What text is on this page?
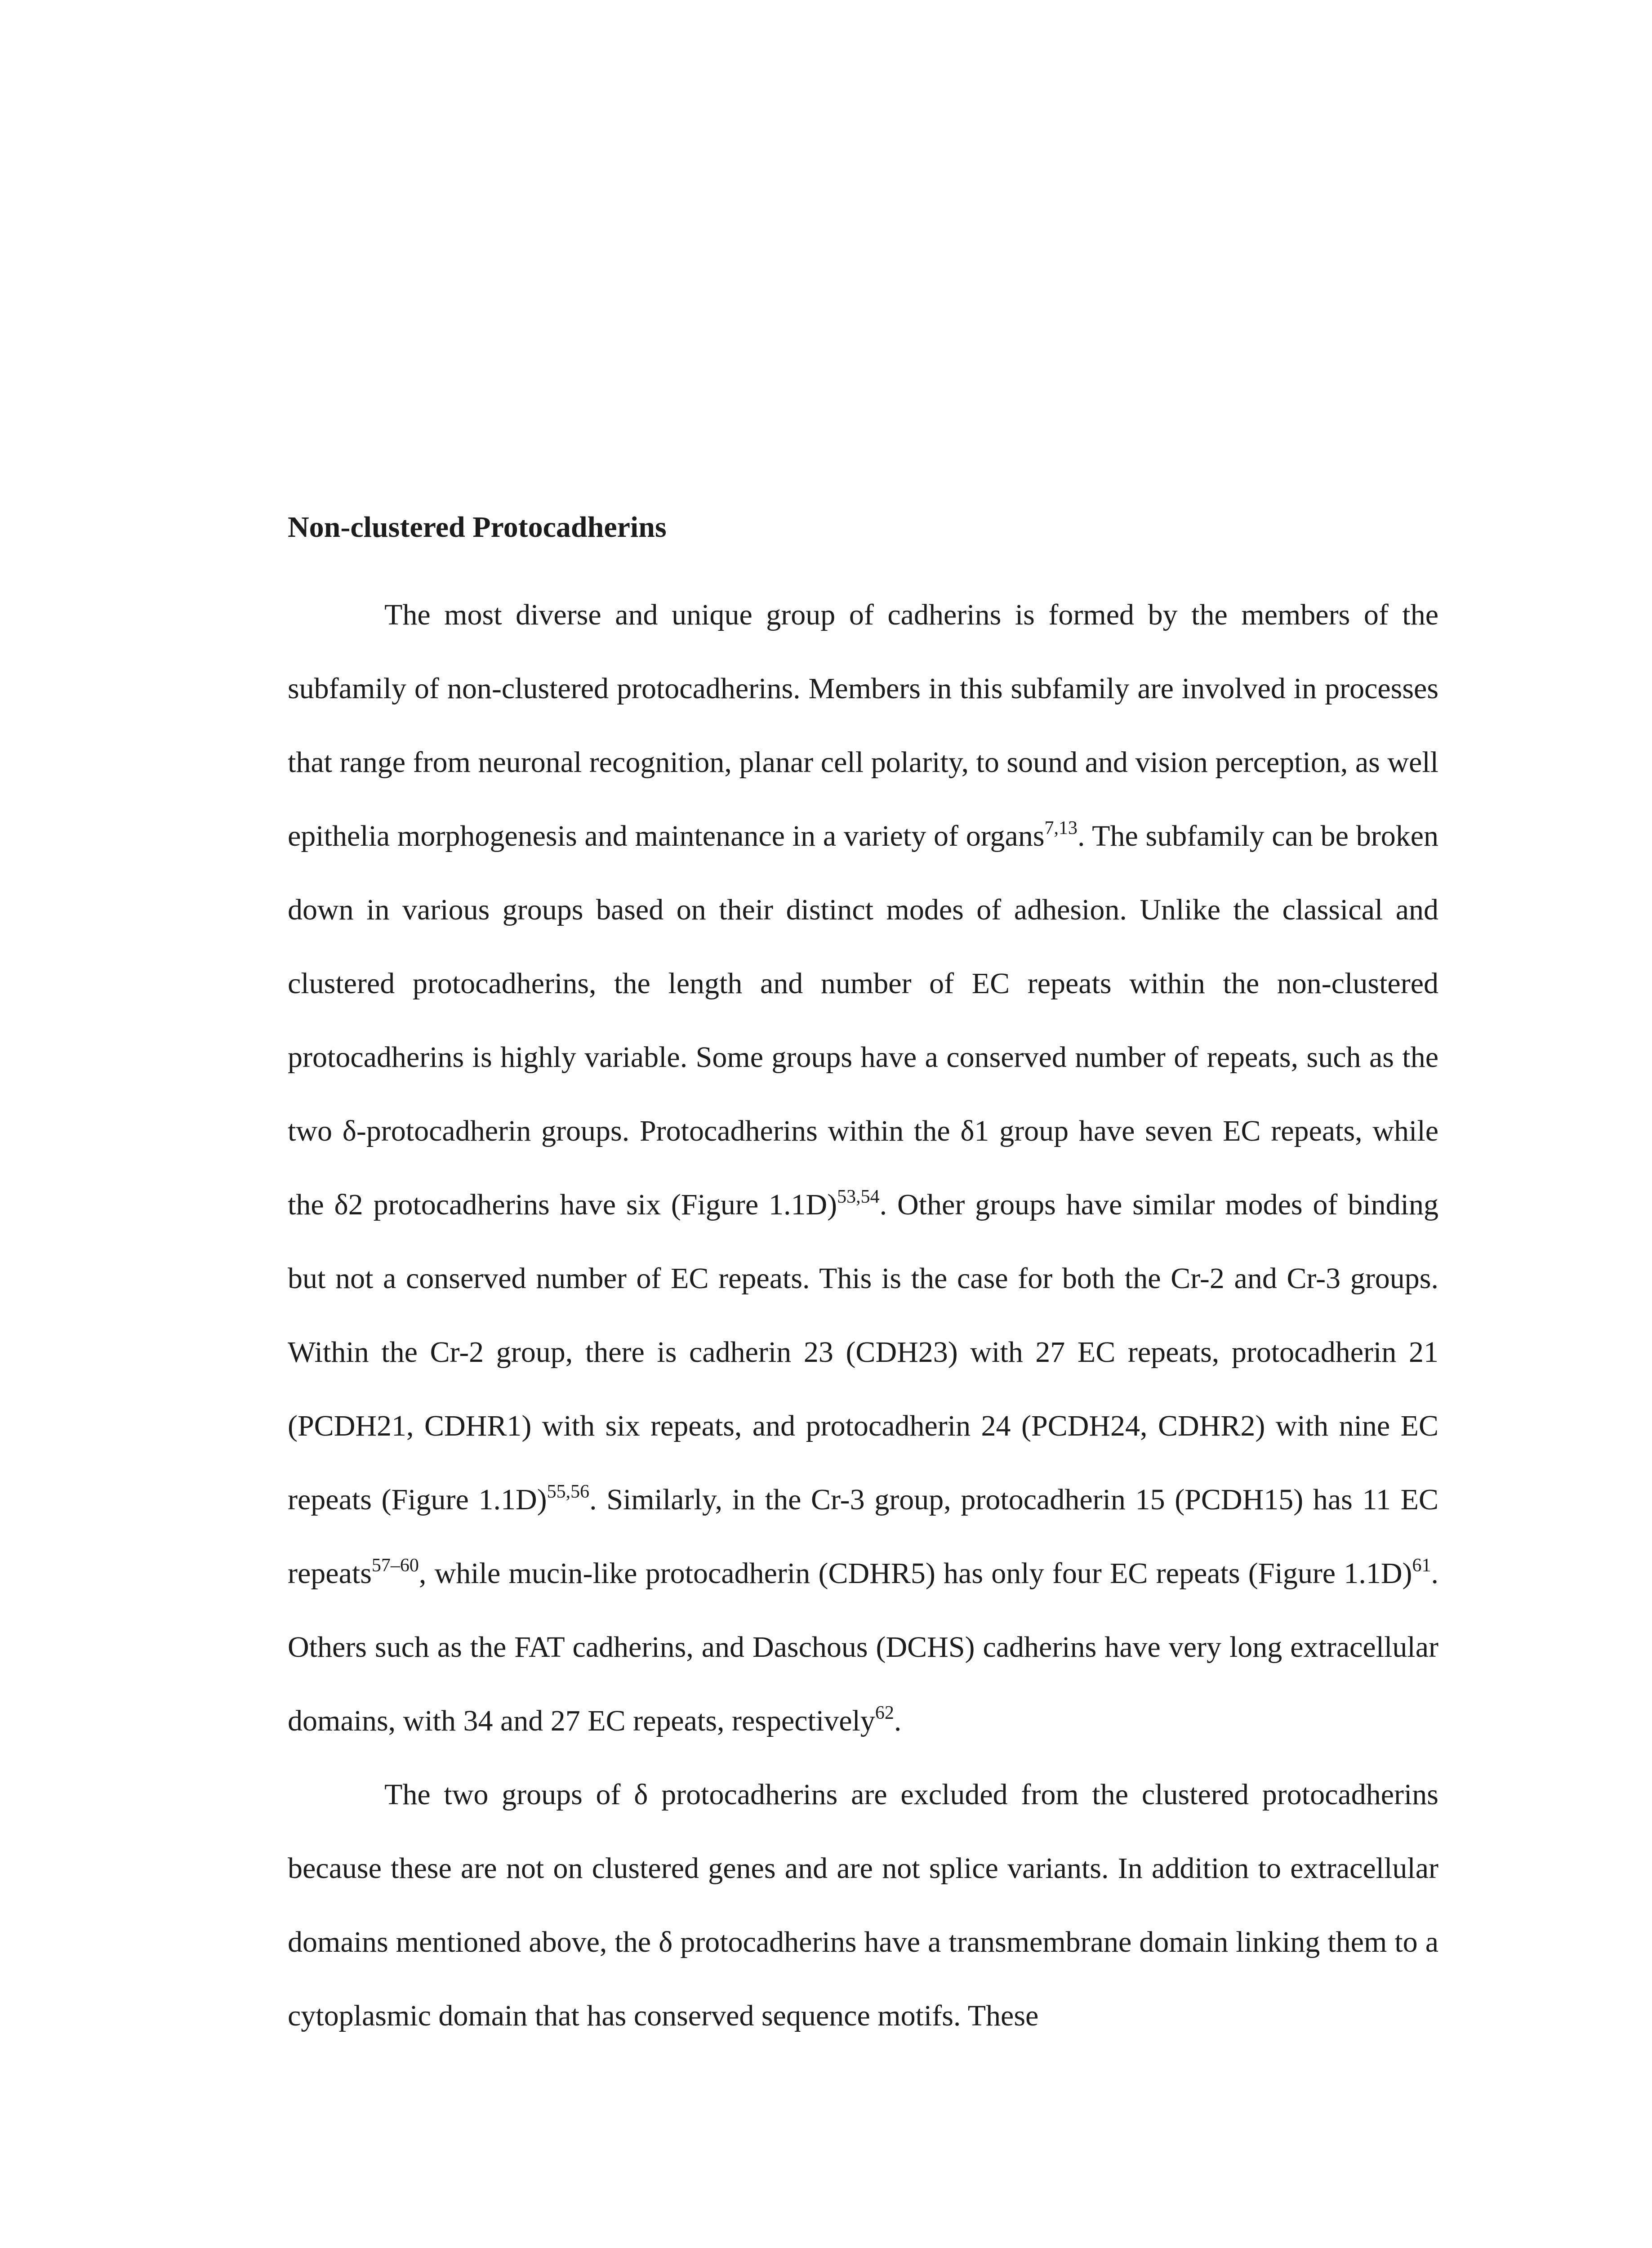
Non-clustered Protocadherins

The most diverse and unique group of cadherins is formed by the members of the subfamily of non-clustered protocadherins. Members in this subfamily are involved in processes that range from neuronal recognition, planar cell polarity, to sound and vision perception, as well epithelia morphogenesis and maintenance in a variety of organs$^{7,13}$. The subfamily can be broken down in various groups based on their distinct modes of adhesion. Unlike the classical and clustered protocadherins, the length and number of EC repeats within the non-clustered protocadherins is highly variable. Some groups have a conserved number of repeats, such as the two δ-protocadherin groups. Protocadherins within the δ1 group have seven EC repeats, while the δ2 protocadherins have six (Figure 1.1D)$^{53,54}$. Other groups have similar modes of binding but not a conserved number of EC repeats. This is the case for both the Cr-2 and Cr-3 groups. Within the Cr-2 group, there is cadherin 23 (CDH23) with 27 EC repeats, protocadherin 21 (PCDH21, CDHR1) with six repeats, and protocadherin 24 (PCDH24, CDHR2) with nine EC repeats (Figure 1.1D)$^{55,56}$. Similarly, in the Cr-3 group, protocadherin 15 (PCDH15) has 11 EC repeats$^{57-60}$, while mucin-like protocadherin (CDHR5) has only four EC repeats (Figure 1.1D)$^{61}$. Others such as the FAT cadherins, and Daschous (DCHS) cadherins have very long extracellular domains, with 34 and 27 EC repeats, respectively$^{62}$.

The two groups of δ protocadherins are excluded from the clustered protocadherins because these are not on clustered genes and are not splice variants. In addition to extracellular domains mentioned above, the δ protocadherins have a transmembrane domain linking them to a cytoplasmic domain that has conserved sequence motifs. These
